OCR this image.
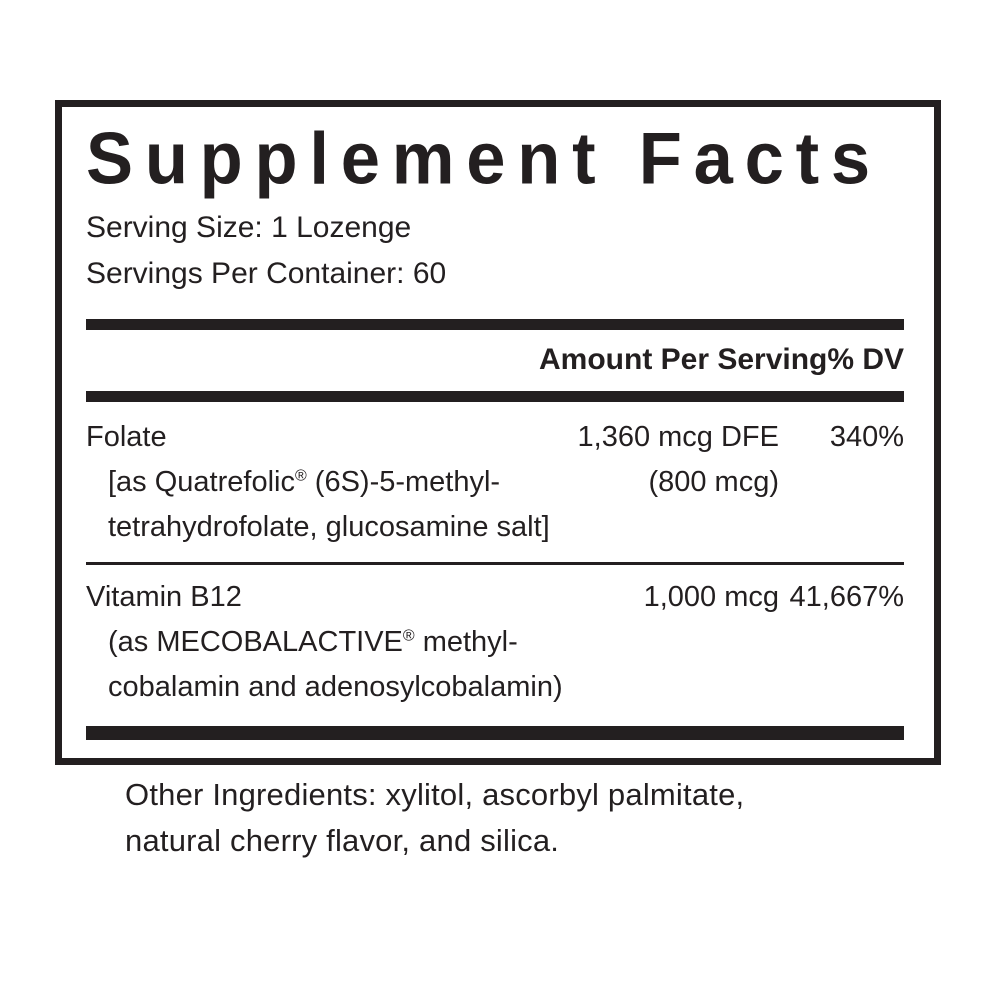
Supplement Facts
Serving Size: 1 Lozenge
Servings Per Container: 60
Amount Per Serving % DV
Folate	1,360 mcg DFE	340%
[as Quatrefolic® (6S)-5-methyl-	(800 mcg)
tetrahydrofolate, glucosamine salt]
Vitamin B12	1,000 mcg 41,667%
(as MECOBALACTIVE® methyl-
cobalamin and adenosylcobalamin)
Other Ingredients: xylitol, ascorbyl palmitate,
natural cherry flavor, and silica.
